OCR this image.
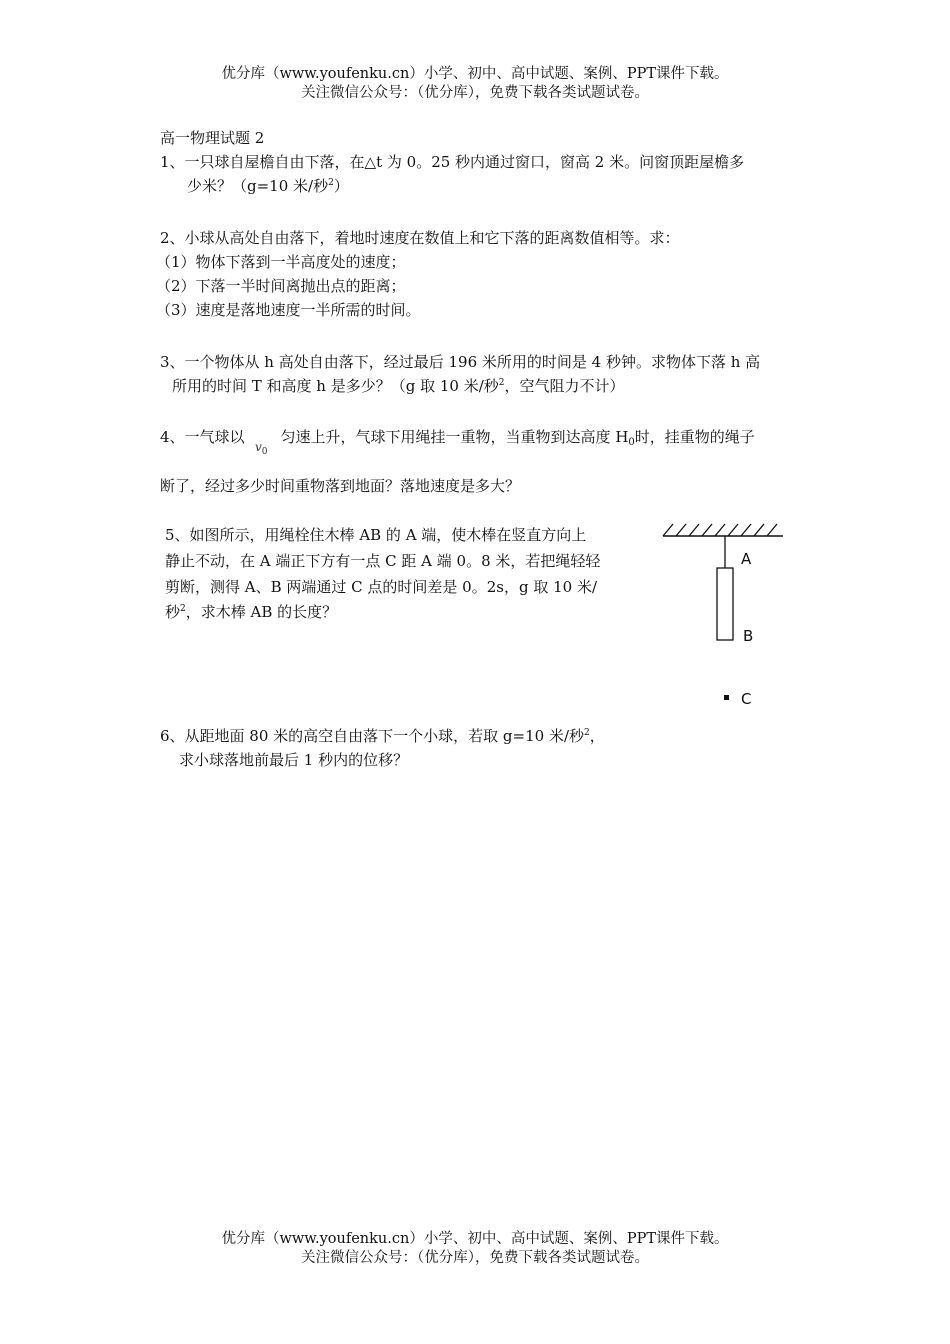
优分库（www.youfenku.cn）小学、初中、高中试题、案例、PPT课件下载。
关注微信公众号：（优分库），免费下载各类试题试卷。
高一物理试题 2
1、一只球自屋檐自由下落，在△t 为 0。25 秒内通过窗口，窗高 2 米。问窗顶距屋檐多
少米？（g=10 米/秒$^2$）
2、小球从高处自由落下，着地时速度在数值上和它下落的距离数值相等。求：
（1）物体下落到一半高度处的速度；
（2）下落一半时间离抛出点的距离；
（3）速度是落地速度一半所需的时间。
3、一个物体从 h 高处自由落下，经过最后 196 米所用的时间是 4 秒钟。求物体下落 h 高
所用的时间 T 和高度 h 是多少？（g 取 10 米/秒$^2$，空气阻力不计）
4、一气球以 匀速上升，气球下用绳挂一重物，当重物到达高度 $H_0$时，挂重物的绳子
$v_0$
断了，经过多少时间重物落到地面？落地速度是多大？
5、如图所示，用绳栓住木棒 AB 的 A 端，使木棒在竖直方向上
静止不动，在 A 端正下方有一点 C 距 A 端 0。8 米，若把绳轻轻
剪断，测得 A、B 两端通过 C 点的时间差是 0。2s，g 取 10 米/
秒$^2$，求木棒 AB 的长度？
A
B
C
6、从距地面 80 米的高空自由落下一个小球，若取 g=10 米/秒$^2$，
求小球落地前最后 1 秒内的位移？
优分库（www.youfenku.cn）小学、初中、高中试题、案例、PPT课件下载。
关注微信公众号：（优分库），免费下载各类试题试卷。
